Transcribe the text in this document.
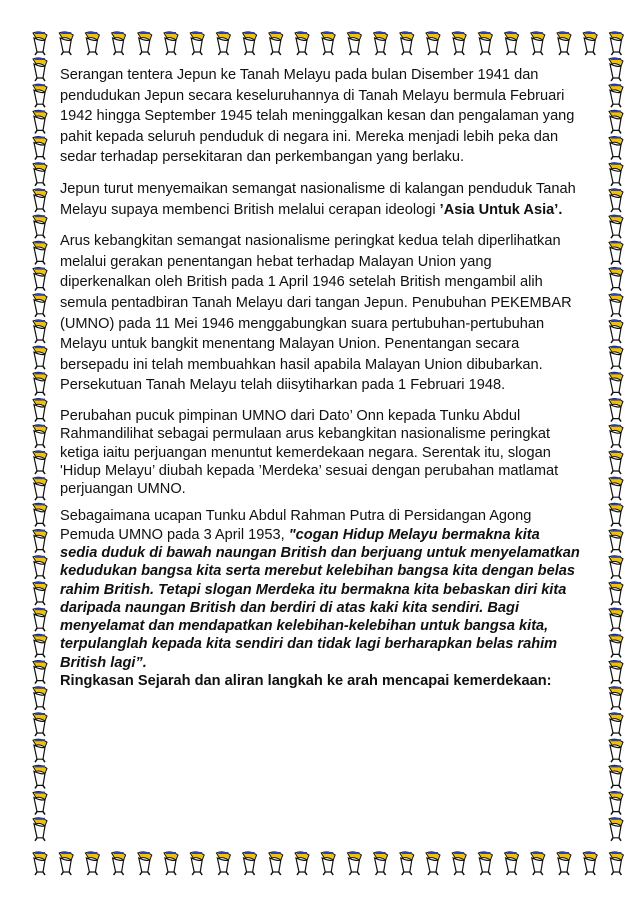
Serangan tentera Jepun ke Tanah Melayu pada bulan Disember 1941 dan pendudukan Jepun secara keseluruhannya di Tanah Melayu bermula Februari 1942 hingga September 1945 telah meninggalkan kesan dan pengalaman yang pahit kepada seluruh penduduk di negara ini. Mereka menjadi lebih peka dan sedar terhadap persekitaran dan perkembangan yang berlaku.

Jepun turut menyemaikan semangat nasionalisme di kalangan penduduk Tanah Melayu supaya membenci British melalui cerapan ideologi ’Asia Untuk Asia’.

Arus kebangkitan semangat nasionalisme peringkat kedua telah diperlihatkan melalui gerakan penentangan hebat terhadap Malayan Union yang diperkenalkan oleh British pada 1 April 1946 setelah British mengambil alih semula pentadbiran Tanah Melayu dari tangan Jepun. Penubuhan PEKEMBAR (UMNO) pada 11 Mei 1946 menggabungkan suara pertubuhan-pertubuhan Melayu untuk bangkit menentang Malayan Union. Penentangan secara bersepadu ini telah membuahkan hasil apabila Malayan Union dibubarkan. Persekutuan Tanah Melayu telah diisytiharkan pada 1 Februari 1948.

Perubahan pucuk pimpinan UMNO dari Dato’ Onn kepada Tunku Abdul Rahmandilihat sebagai permulaan arus kebangkitan nasionalisme peringkat ketiga iaitu perjuangan menuntut kemerdekaan negara. Serentak itu, slogan 'Hidup Melayu’ diubah kepada ’Merdeka’ sesuai dengan perubahan matlamat perjuangan UMNO.

Sebagaimana ucapan Tunku Abdul Rahman Putra di Persidangan Agong Pemuda UMNO pada 3 April 1953, "cogan Hidup Melayu bermakna kita sedia duduk di bawah naungan British dan berjuang untuk menyelamatkan kedudukan bangsa kita serta merebut kelebihan bangsa kita dengan belas rahim British. Tetapi slogan Merdeka itu bermakna kita bebaskan diri kita daripada naungan British dan berdiri di atas kaki kita sendiri. Bagi menyelamat dan mendapatkan kelebihan-kelebihan untuk bangsa kita, terpulanglah kepada kita sendiri dan tidak lagi berharapkan belas rahim British lagi”.

Ringkasan Sejarah dan aliran langkah ke arah mencapai kemerdekaan:
